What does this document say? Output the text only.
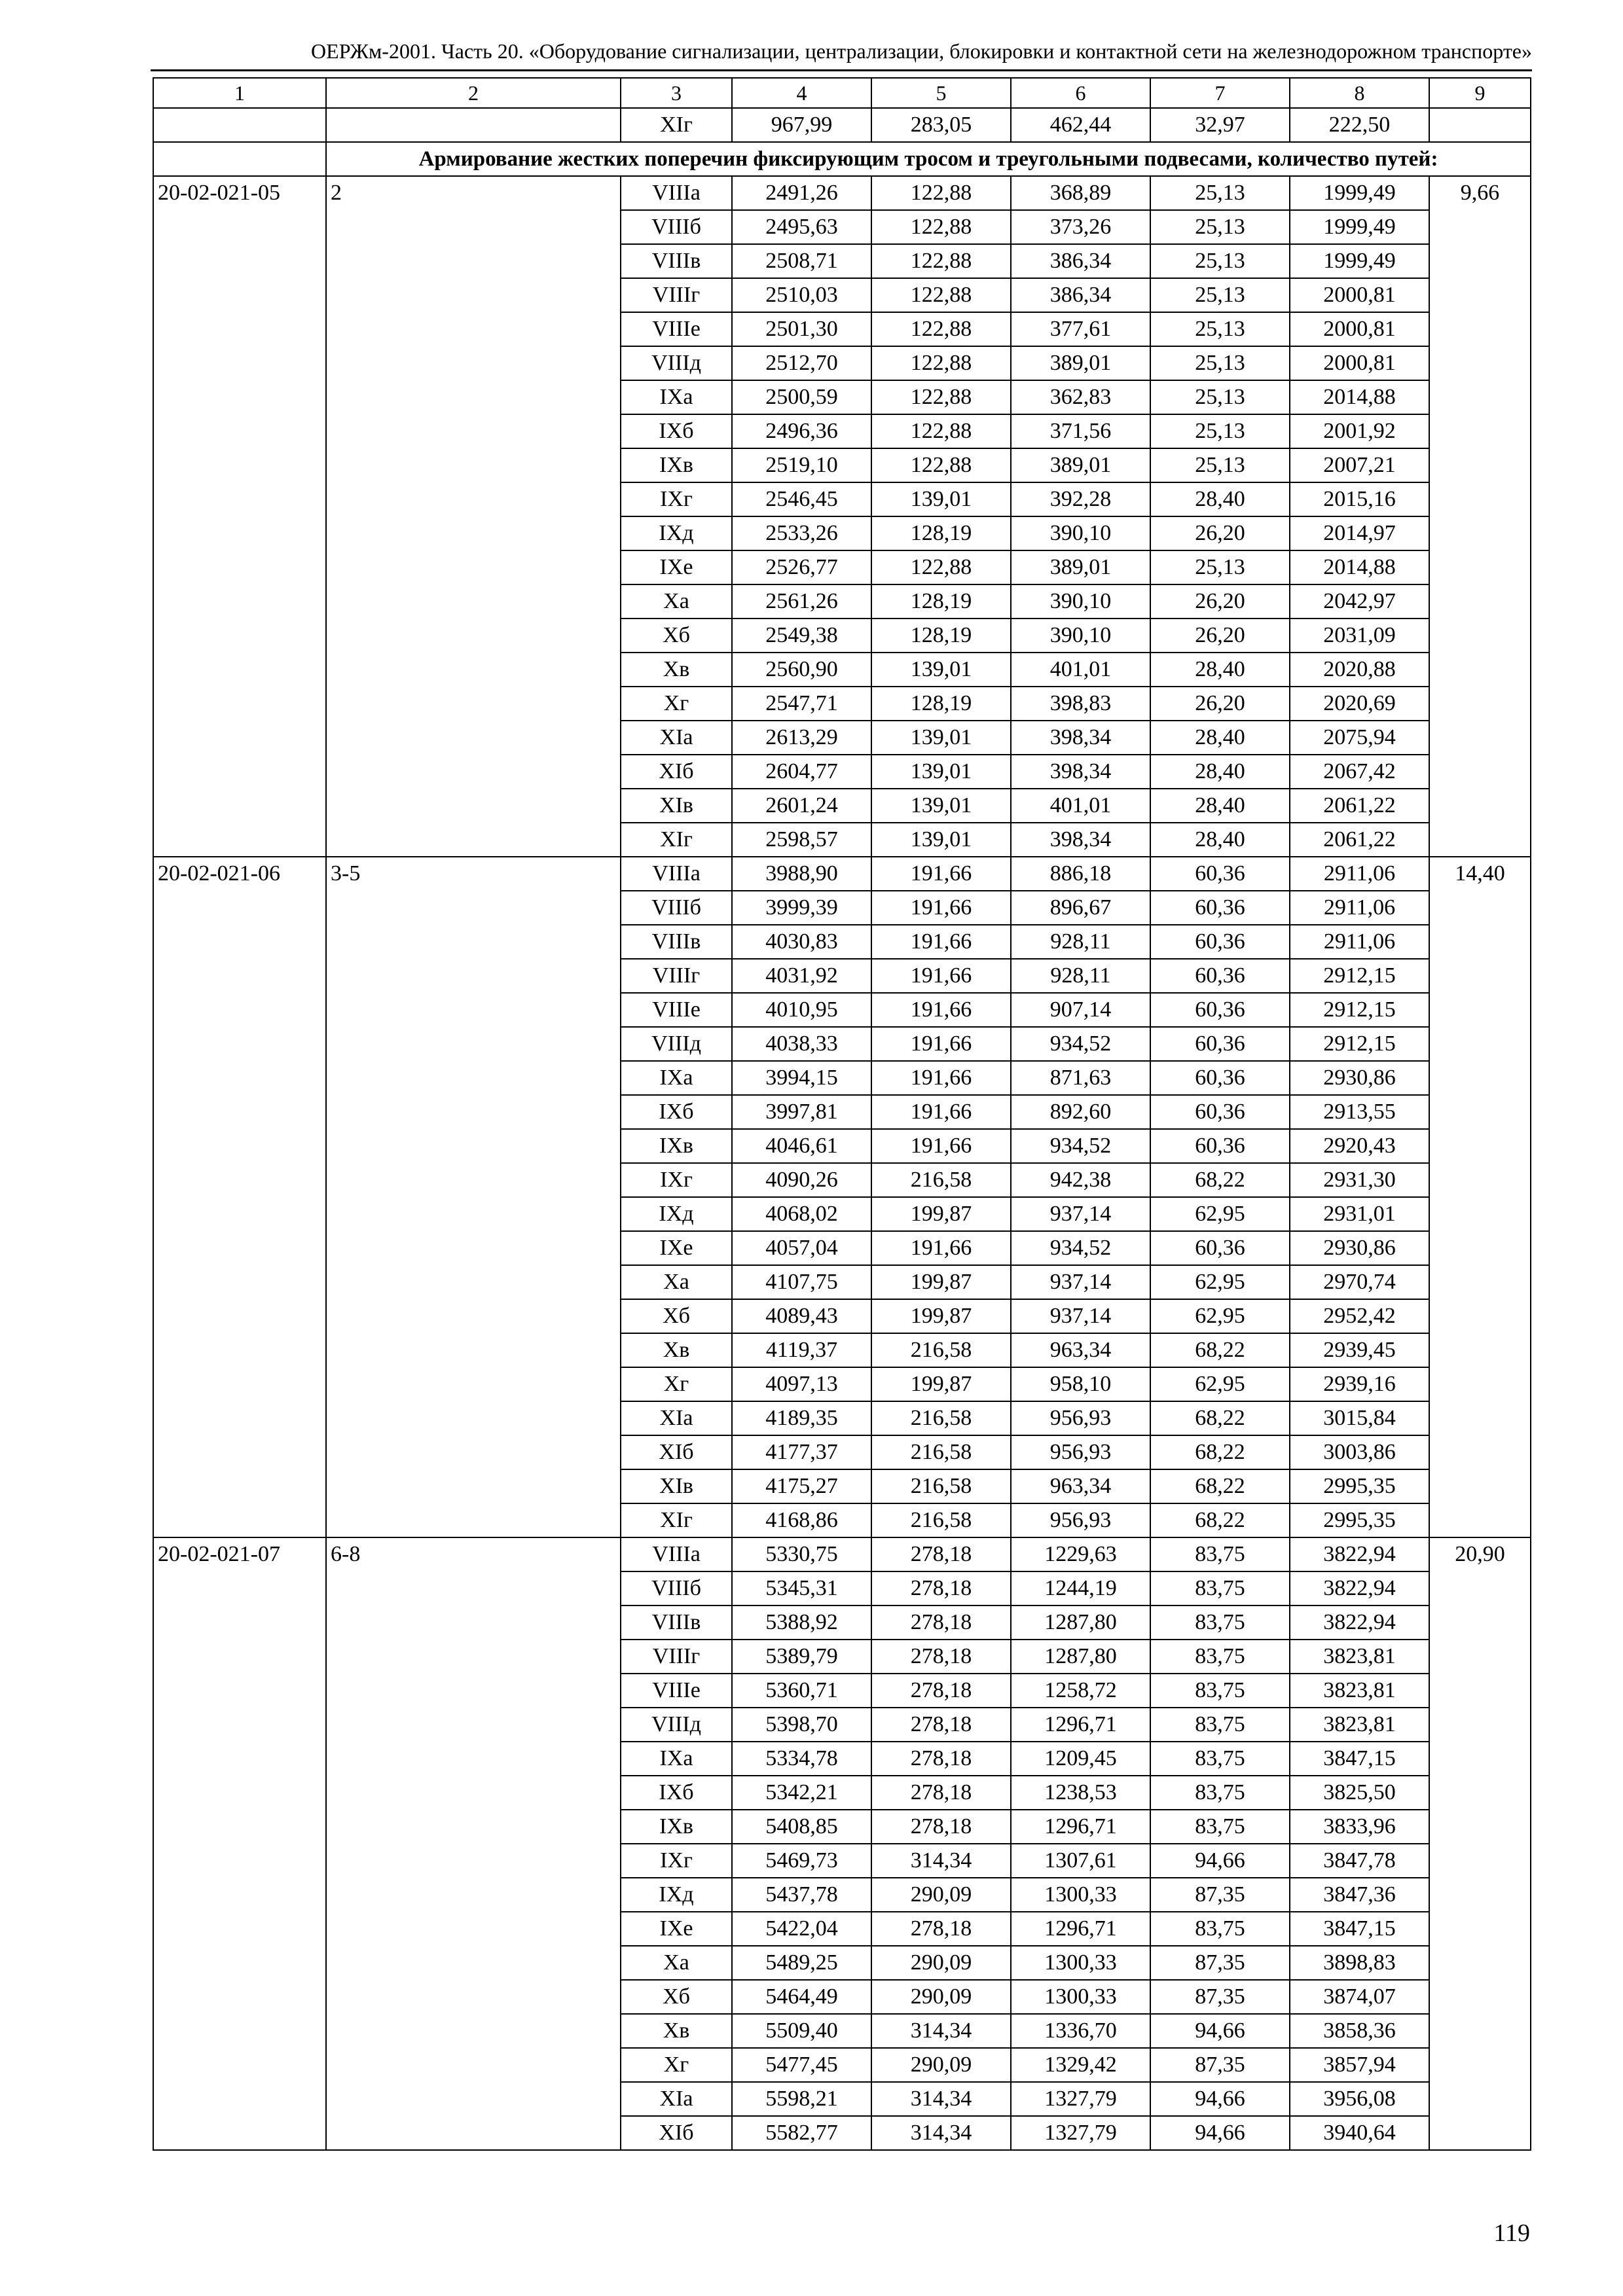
ОЕРЖм-2001. Часть 20. «Оборудование сигнализации, централизации, блокировки и контактной сети на железнодорожном транспорте»
1	2	3	4	5	6	7	8	9
		XIг	967,99	283,05	462,44	32,97	222,50	
	Армирование жестких поперечин фиксирующим тросом и треугольными подвесами, количество путей:							
20-02-021-05	2	VIIIа	2491,26	122,88	368,89	25,13	1999,49	9,66
		VIIIб	2495,63	122,88	373,26	25,13	1999,49	
		VIIIв	2508,71	122,88	386,34	25,13	1999,49	
		VIIIг	2510,03	122,88	386,34	25,13	2000,81	
		VIIIе	2501,30	122,88	377,61	25,13	2000,81	
		VIIIд	2512,70	122,88	389,01	25,13	2000,81	
		IXа	2500,59	122,88	362,83	25,13	2014,88	
		IXб	2496,36	122,88	371,56	25,13	2001,92	
		IXв	2519,10	122,88	389,01	25,13	2007,21	
		IXг	2546,45	139,01	392,28	28,40	2015,16	
		IXд	2533,26	128,19	390,10	26,20	2014,97	
		IXе	2526,77	122,88	389,01	25,13	2014,88	
		Xа	2561,26	128,19	390,10	26,20	2042,97	
		Xб	2549,38	128,19	390,10	26,20	2031,09	
		Xв	2560,90	139,01	401,01	28,40	2020,88	
		Xг	2547,71	128,19	398,83	26,20	2020,69	
		XIа	2613,29	139,01	398,34	28,40	2075,94	
		XIб	2604,77	139,01	398,34	28,40	2067,42	
		XIв	2601,24	139,01	401,01	28,40	2061,22	
		XIг	2598,57	139,01	398,34	28,40	2061,22	
20-02-021-06	3-5	VIIIа	3988,90	191,66	886,18	60,36	2911,06	14,40
		VIIIб	3999,39	191,66	896,67	60,36	2911,06	
		VIIIв	4030,83	191,66	928,11	60,36	2911,06	
		VIIIг	4031,92	191,66	928,11	60,36	2912,15	
		VIIIе	4010,95	191,66	907,14	60,36	2912,15	
		VIIIд	4038,33	191,66	934,52	60,36	2912,15	
		IXа	3994,15	191,66	871,63	60,36	2930,86	
		IXб	3997,81	191,66	892,60	60,36	2913,55	
		IXв	4046,61	191,66	934,52	60,36	2920,43	
		IXг	4090,26	216,58	942,38	68,22	2931,30	
		IXд	4068,02	199,87	937,14	62,95	2931,01	
		IXе	4057,04	191,66	934,52	60,36	2930,86	
		Xа	4107,75	199,87	937,14	62,95	2970,74	
		Xб	4089,43	199,87	937,14	62,95	2952,42	
		Xв	4119,37	216,58	963,34	68,22	2939,45	
		Xг	4097,13	199,87	958,10	62,95	2939,16	
		XIа	4189,35	216,58	956,93	68,22	3015,84	
		XIб	4177,37	216,58	956,93	68,22	3003,86	
		XIв	4175,27	216,58	963,34	68,22	2995,35	
		XIг	4168,86	216,58	956,93	68,22	2995,35	
20-02-021-07	6-8	VIIIа	5330,75	278,18	1229,63	83,75	3822,94	20,90
		VIIIб	5345,31	278,18	1244,19	83,75	3822,94	
		VIIIв	5388,92	278,18	1287,80	83,75	3822,94	
		VIIIг	5389,79	278,18	1287,80	83,75	3823,81	
		VIIIе	5360,71	278,18	1258,72	83,75	3823,81	
		VIIIд	5398,70	278,18	1296,71	83,75	3823,81	
		IXа	5334,78	278,18	1209,45	83,75	3847,15	
		IXб	5342,21	278,18	1238,53	83,75	3825,50	
		IXв	5408,85	278,18	1296,71	83,75	3833,96	
		IXг	5469,73	314,34	1307,61	94,66	3847,78	
		IXд	5437,78	290,09	1300,33	87,35	3847,36	
		IXе	5422,04	278,18	1296,71	83,75	3847,15	
		Xа	5489,25	290,09	1300,33	87,35	3898,83	
		Xб	5464,49	290,09	1300,33	87,35	3874,07	
		Xв	5509,40	314,34	1336,70	94,66	3858,36	
		Xг	5477,45	290,09	1329,42	87,35	3857,94	
		XIа	5598,21	314,34	1327,79	94,66	3956,08	
		XIб	5582,77	314,34	1327,79	94,66	3940,64	
119
